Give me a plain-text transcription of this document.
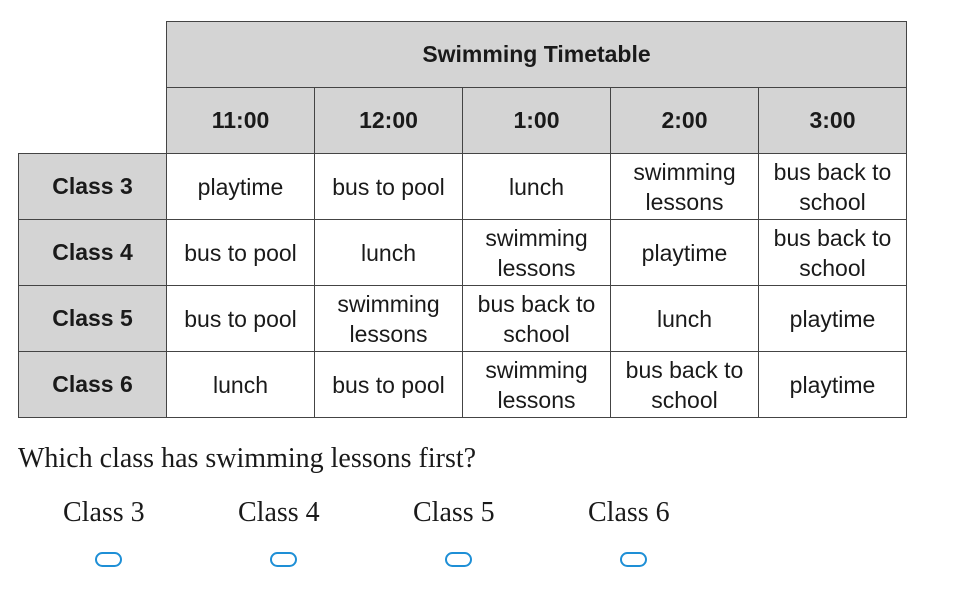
	Swimming Timetable				
	11:00	12:00	1:00	2:00	3:00
Class 3	playtime	bus to pool	lunch	swimming lessons	bus back to school
Class 4	bus to pool	lunch	swimming lessons	playtime	bus back to school
Class 5	bus to pool	swimming lessons	bus back to school	lunch	playtime
Class 6	lunch	bus to pool	swimming lessons	bus back to school	playtime

Which class has swimming lessons first?

Class 3	Class 4	Class 5	Class 6
